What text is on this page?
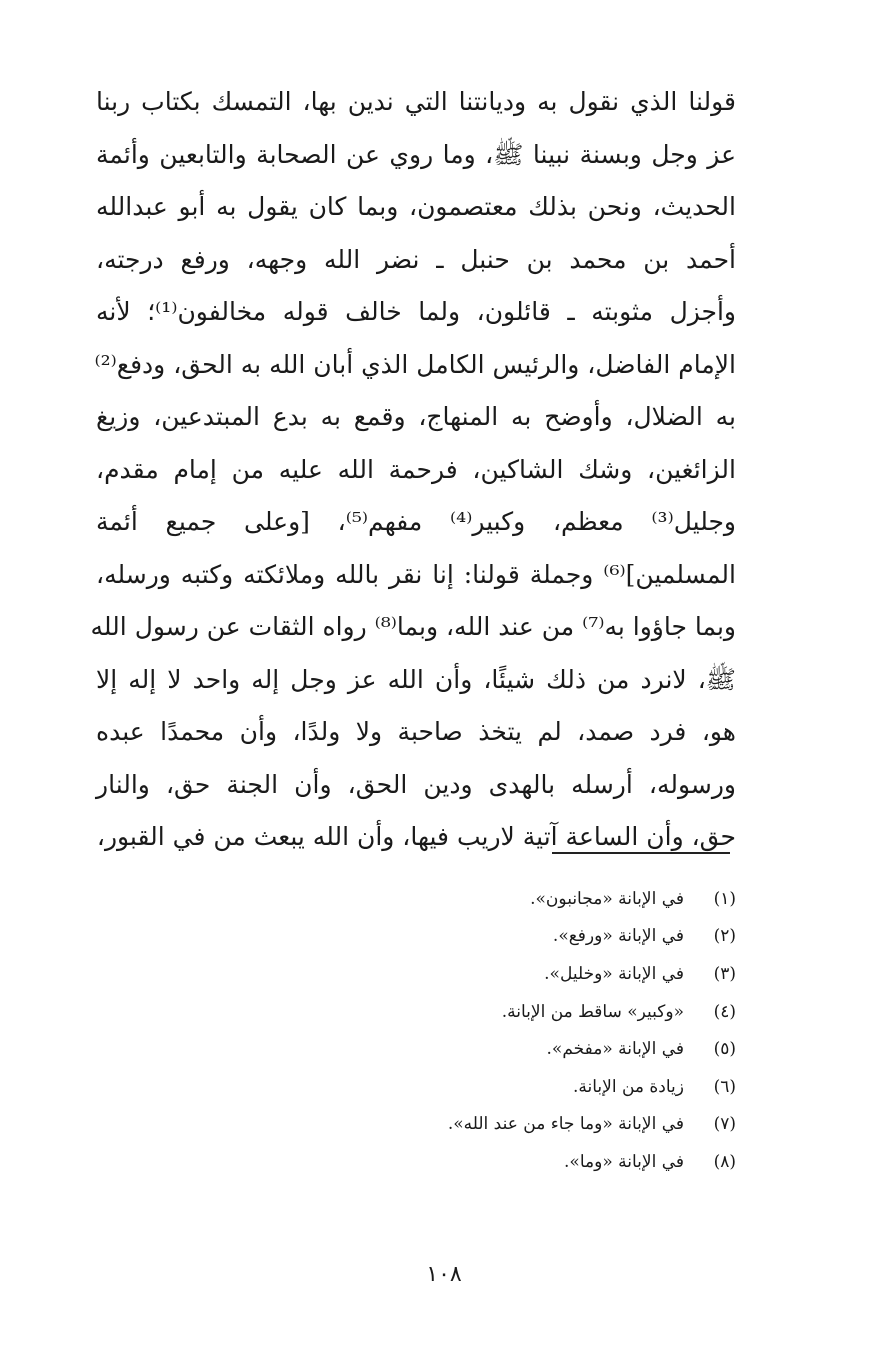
قولنا الذي نقول به وديانتنا التي ندين بها، التمسك بكتاب ربنا
عز وجل وبسنة نبينا ﷺ، وما روي عن الصحابة والتابعين وأئمة
الحديث، ونحن بذلك معتصمون، وبما كان يقول به أبو عبدالله
أحمد بن محمد بن حنبل ـ نضر الله وجهه، ورفع درجته،
وأجزل مثوبته ـ قائلون، ولما خالف قوله مخالفون⁽¹⁾؛ لأنه
الإمام الفاضل، والرئيس الكامل الذي أبان الله به الحق، ودفع⁽²⁾
به الضلال، وأوضح به المنهاج، وقمع به بدع المبتدعين، وزيغ
الزائغين، وشك الشاكين، فرحمة الله عليه من إمام مقدم،
وجليل⁽³⁾ معظم، وكبير⁽⁴⁾ مفهم⁽⁵⁾، [وعلى جميع أئمة
المسلمين]⁽⁶⁾ وجملة قولنا: إنا نقر بالله وملائكته وكتبه ورسله،
وبما جاؤوا به⁽⁷⁾ من عند الله، وبما⁽⁸⁾ رواه الثقات عن رسول الله
ﷺ، لانرد من ذلك شيئًا، وأن الله عز وجل إله واحد لا إله إلا
هو، فرد صمد، لم يتخذ صاحبة ولا ولدًا، وأن محمدًا عبده
ورسوله، أرسله بالهدى ودين الحق، وأن الجنة حق، والنار
حق، وأن الساعة آتية لاريب فيها، وأن الله يبعث من في القبور،
(١)
في الإبانة «مجانبون».
(٢)
في الإبانة «ورفع».
(٣)
في الإبانة «وخليل».
(٤)
«وكبير» ساقط من الإبانة.
(٥)
في الإبانة «مفخم».
(٦)
زيادة من الإبانة.
(٧)
في الإبانة «وما جاء من عند الله».
(٨)
في الإبانة «وما».
١٠٨
